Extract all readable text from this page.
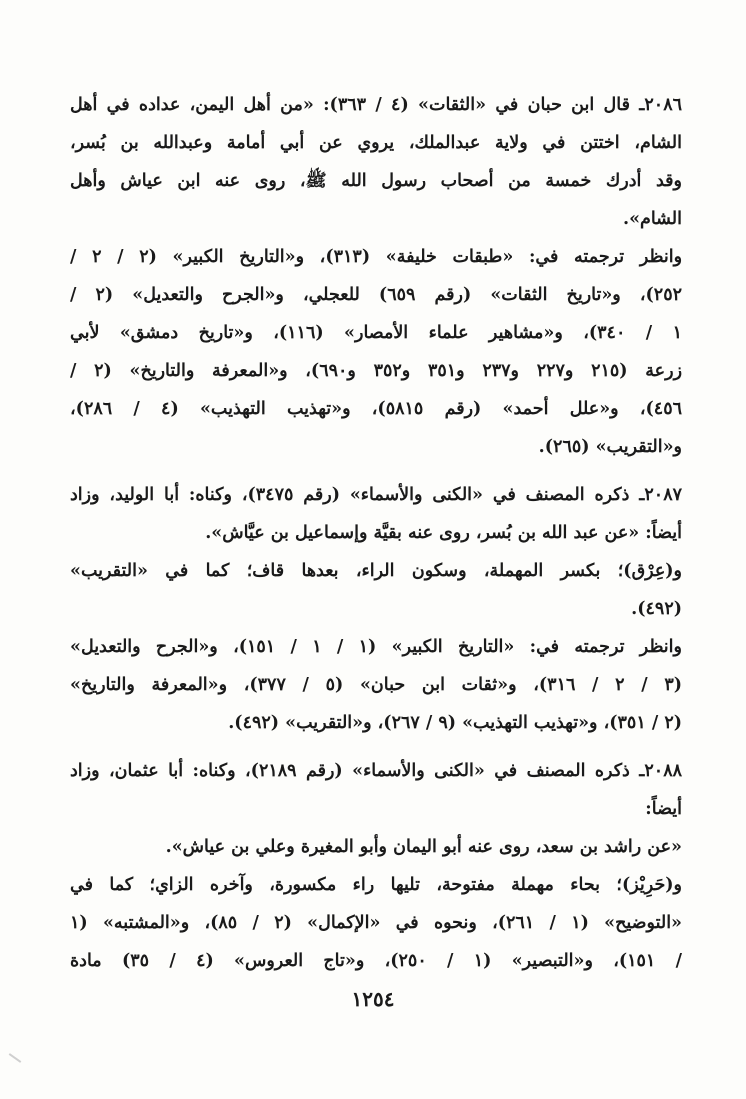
٢٠٨٦ـ قال ابن حبان في «الثقات» (٤ / ٣٦٣): «من أهل اليمن، عداده في أهل
الشام، اختتن في ولاية عبدالملك، يروي عن أبي أمامة وعبدالله بن بُسر،
وقد أدرك خمسة من أصحاب رسول الله ﷺ، روى عنه ابن عياش وأهل
الشام».
وانظر ترجمته في: «طبقات خليفة» (٣١٣)، و«التاريخ الكبير» (٢ / ٢ /
٢٥٢)، و«تاريخ الثقات» (رقم ٦٥٩) للعجلي، و«الجرح والتعديل» (٢ /
١ / ٣٤٠)، و«مشاهير علماء الأمصار» (١١٦)، و«تاريخ دمشق» لأبي
زرعة (٢١٥ و٢٢٧ و٢٣٧ و٣٥١ و٣٥٢ و٦٩٠)، و«المعرفة والتاريخ» (٢ /
٤٥٦)، و«علل أحمد» (رقم ٥٨١٥)، و«تهذيب التهذيب» (٤ / ٢٨٦)،
و«التقريب» (٢٦٥).
٢٠٨٧ـ ذكره المصنف في «الكنى والأسماء» (رقم ٣٤٧٥)، وكناه: أبا الوليد، وزاد
أيضاً: «عن عبد الله بن بُسر، روى عنه بقيَّة وإسماعيل بن عيَّاش».
و(عِرْق)؛ بكسر المهملة، وسكون الراء، بعدها قاف؛ كما في «التقريب»
(٤٩٢).
وانظر ترجمته في: «التاريخ الكبير» (١ / ١ / ١٥١)، و«الجرح والتعديل»
(٣ / ٢ / ٣١٦)، و«ثقات ابن حبان» (٥ / ٣٧٧)، و«المعرفة والتاريخ»
(٢ / ٣٥١)، و«تهذيب التهذيب» (٩ / ٢٦٧)، و«التقريب» (٤٩٢).
٢٠٨٨ـ ذكره المصنف في «الكنى والأسماء» (رقم ٢١٨٩)، وكناه: أبا عثمان، وزاد
أيضاً:
«عن راشد بن سعد، روى عنه أبو اليمان وأبو المغيرة وعلي بن عياش».
و(حَرِيْز)؛ بحاء مهملة مفتوحة، تليها راء مكسورة، وآخره الزاي؛ كما في
«التوضيح» (١ / ٢٦١)، ونحوه في «الإكمال» (٢ / ٨٥)، و«المشتبه» (١
/ ١٥١)، و«التبصير» (١ / ٢٥٠)، و«تاج العروس» (٤ / ٣٥) مادة
١٢٥٤
